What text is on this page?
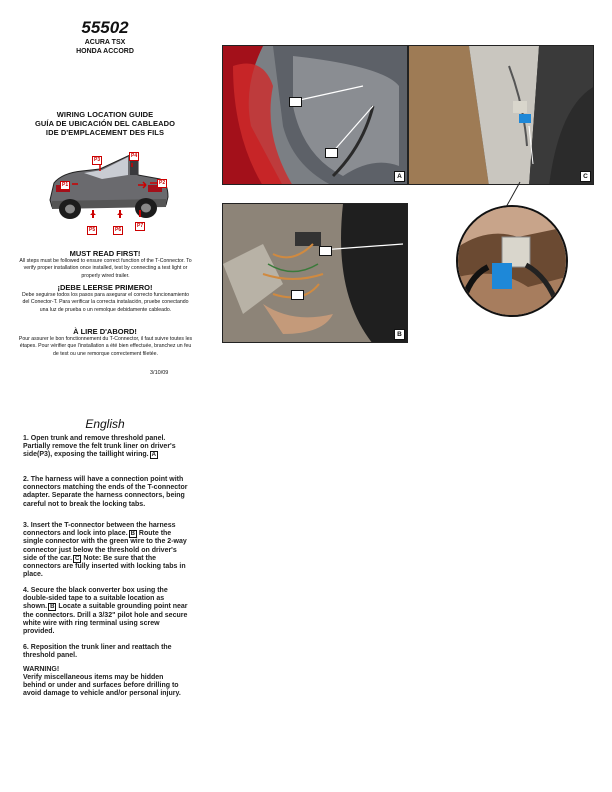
55502
ACURA TSX
HONDA ACCORD
WIRING LOCATION GUIDE
GUÍA DE UBICACIÓN DEL CABLEADO
IDE D'EMPLACEMENT DES FILS
P1	P2
P3
P4
P5	P6
P7
MUST READ FIRST!
All steps must be followed to ensure correct function of the T-Connector. To verify proper installation once installed, test by connecting a test light or properly wired trailer.
¡DEBE LEERSE PRIMERO!
Debe seguirse todos los pasos para asegurar el correcto funcionamiento del Conector-T. Para verificar la correcta instalación, pruebe conectando una luz de prueba o un remolque debidamente cableado.
À LIRE D'ABORD!
Pour assurer le bon fonctionnement du T-Connector, il faut suivre toutes les étapes. Pour vérifier que l'installation a été bien effectuée, branchez un feu de test ou une remorque correctement filetée.
3/10/09
English
1. Open trunk and remove threshold panel. Partially remove the felt trunk liner on driver's side(P3), exposing the taillight wiring. A
2. The harness will have a connection point with connectors matching the ends of the T-connector adapter. Separate the harness connectors, being careful not to break the locking tabs.
3. Insert the T-connector between the harness connectors and lock into place. B Route the single connector with the green wire to the 2-way connector just below the threshold on driver's side of the car. C Note: Be sure that the connectors are fully inserted with locking tabs in place.
4. Secure the black converter box using the double-sided tape to a suitable location as shown. B Locate a suitable grounding point near the connectors. Drill a 3/32" pilot hole and secure white wire with ring terminal using screw provided.
6. Reposition the trunk liner and reattach the threshold panel.
WARNING!
Verify miscellaneous items may be hidden behind or under and surfaces before drilling to avoid damage to vehicle and/or personal injury.
A	C
B
